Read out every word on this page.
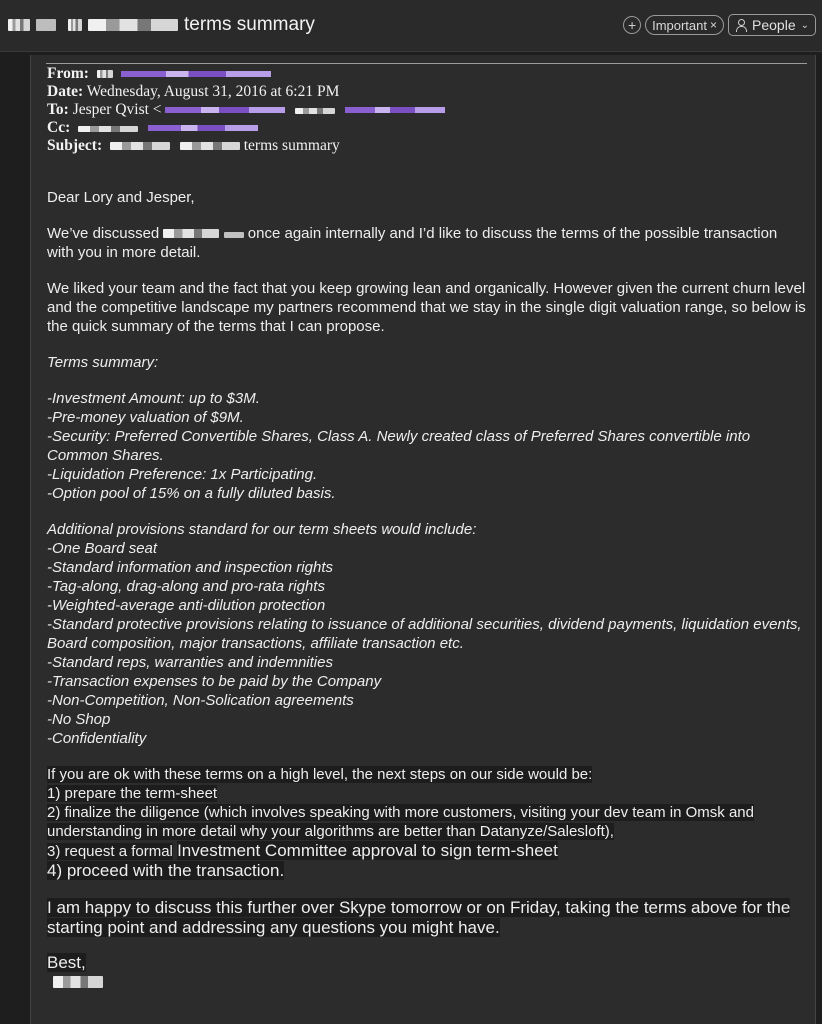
terms summary	+ Important ×	People ⌄
From:
Date: Wednesday, August 31, 2016 at 6:21 PM
To: Jesper Qvist <
Cc:
Subject:	terms summary

Dear Lory and Jesper,

We’ve discussed	once again internally and I’d like to discuss the terms of the possible transaction with you in more detail.

We liked your team and the fact that you keep growing lean and organically. However given the current churn level and the competitive landscape my partners recommend that we stay in the single digit valuation range, so below is the quick summary of the terms that I can propose.

Terms summary:

-Investment Amount: up to $3M.
-Pre-money valuation of $9M.
-Security: Preferred Convertible Shares, Class A. Newly created class of Preferred Shares convertible into Common Shares.
-Liquidation Preference: 1x Participating.
-Option pool of 15% on a fully diluted basis.

Additional provisions standard for our term sheets would include:
-One Board seat
-Standard information and inspection rights
-Tag-along, drag-along and pro-rata rights
-Weighted-average anti-dilution protection
-Standard protective provisions relating to issuance of additional securities, dividend payments, liquidation events, Board composition, major transactions, affiliate transaction etc.
-Standard reps, warranties and indemnities
-Transaction expenses to be paid by the Company
-Non-Competition, Non-Solication agreements
-No Shop
-Confidentiality

If you are ok with these terms on a high level, the next steps on our side would be:
1) prepare the term-sheet
2) finalize the diligence (which involves speaking with more customers, visiting your dev team in Omsk and understanding in more detail why your algorithms are better than Datanyze/Salesloft),
3) request a formal Investment Committee approval to sign term-sheet
4) proceed with the transaction.

I am happy to discuss this further over Skype tomorrow or on Friday, taking the terms above for the starting point and addressing any questions you might have.

Best,
